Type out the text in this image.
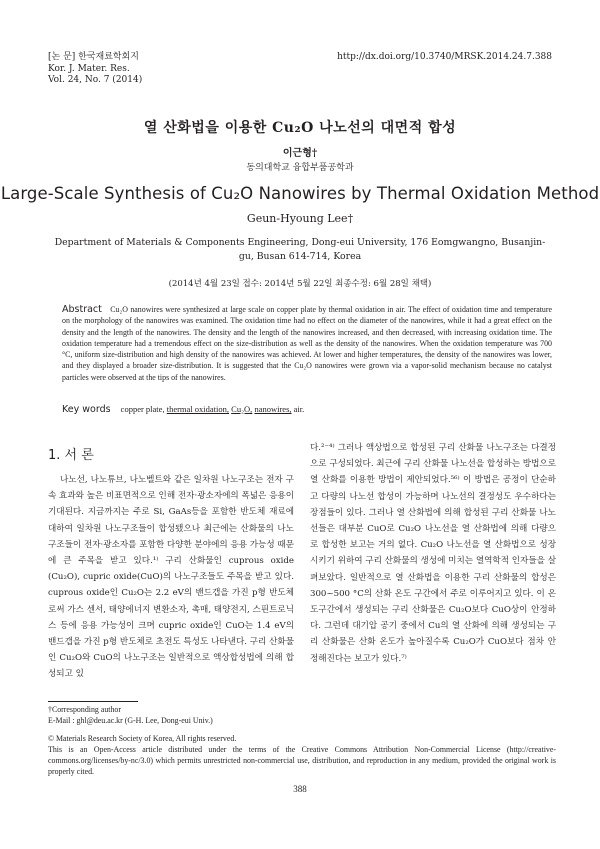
[논 문] 한국재료학회지
Kor. J. Mater. Res.
Vol. 24, No. 7 (2014)
http://dx.doi.org/10.3740/MRSK.2014.24.7.388
열 산화법을 이용한 Cu₂O 나노선의 대면적 합성
이근형†
동의대학교 융합부품공학과
Large-Scale Synthesis of Cu₂O Nanowires by Thermal Oxidation Method
Geun-Hyoung Lee†
Department of Materials & Components Engineering, Dong-eui University, 176 Eomgwangno, Busanjin-gu, Busan 614-714, Korea
(2014년 4월 23일 접수: 2014년 5월 22일 최종수정: 6월 28일 채택)
Abstract Cu₂O nanowires were synthesized at large scale on copper plate by thermal oxidation in air. The effect of oxidation time and temperature on the morphology of the nanowires was examined. The oxidation time had no effect on the diameter of the nanowires, while it had a great effect on the density and the length of the nanowires. The density and the length of the nanowires increased, and then decreased, with increasing oxidation time. The oxidation temperature had a tremendous effect on the size-distribution as well as the density of the nanowires. When the oxidation temperature was 700 °C, uniform size-distribution and high density of the nanowires was achieved. At lower and higher temperatures, the density of the nanowires was lower, and they displayed a broader size-distribution. It is suggested that the Cu₂O nanowires were grown via a vapor-solid mechanism because no catalyst particles were observed at the tips of the nanowires.
Key words copper plate, thermal oxidation, Cu₂O, nanowires, air.
1. 서 론

나노선, 나노튜브, 나노벨트와 같은 일차원 나노구조는 전자 구속 효과와 높은 비표면적으로 인해 전자·광소자에의 폭넓은 응용이 기대된다. 지금까지는 주로 Si, GaAs등을 포함한 반도체 재료에 대하여 일차원 나노구조들이 합성됐으나 최근에는 산화물의 나노구조들이 전자·광소자를 포함한 다양한 분야에의 응용 가능성 때문에 큰 주목을 받고 있다.¹⁾ 구리 산화물인 cuprous oxide (Cu₂O), cupric oxide(CuO)의 나노구조들도 주목을 받고 있다. cuprous oxide인 Cu₂O는 2.2 eV의 밴드갭을 가진 p형 반도체로써 가스 센서, 태양에너지 변환소자, 촉매, 태양전지, 스핀트로닉스 등에 응용 가능성이 크며 cupric oxide인 CuO는 1.4 eV의 밴드갭을 가진 p형 반도체로 초전도 특성도 나타낸다. 구리 산화물인 Cu₂O와 CuO의 나노구조는 일반적으로 액상합성법에 의해 합성되고 있

다.²⁻⁴⁾ 그러나 액상법으로 합성된 구리 산화물 나노구조는 다결정으로 구성되었다. 최근에 구리 산화물 나노선을 합성하는 방법으로 열 산화를 이용한 방법이 제안되었다.⁵⁶⁾ 이 방법은 공정이 단순하고 다량의 나노선 합성이 가능하며 나노선의 결정성도 우수하다는 장점들이 있다. 그러나 열 산화법에 의해 합성된 구리 산화물 나노선들은 대부분 CuO로 Cu₂O 나노선을 열 산화법에 의해 다량으로 합성한 보고는 거의 없다. Cu₂O 나노선을 열 산화법으로 성장시키기 위하여 구리 산화물의 생성에 미치는 열역학적 인자들을 살펴보았다. 일반적으로 열 산화법을 이용한 구리 산화물의 합성은 300~500 °C의 산화 온도 구간에서 주로 이루어지고 있다. 이 온도구간에서 생성되는 구리 산화물은 Cu₂O보다 CuO상이 안정하다. 그런데 대기압 공기 중에서 Cu의 열 산화에 의해 생성되는 구리 산화물은 산화 온도가 높아질수록 Cu₂O가 CuO보다 점차 안정해진다는 보고가 있다.⁷⁾

†Corresponding author
E-Mail : ghl@deu.ac.kr (G-H. Lee, Dong-eui Univ.)
© Materials Research Society of Korea, All rights reserved.
This is an Open-Access article distributed under the terms of the Creative Commons Attribution Non-Commercial License (http://creative-commons.org/licenses/by-nc/3.0) which permits unrestricted non-commercial use, distribution, and reproduction in any medium, provided the original work is properly cited.
388
